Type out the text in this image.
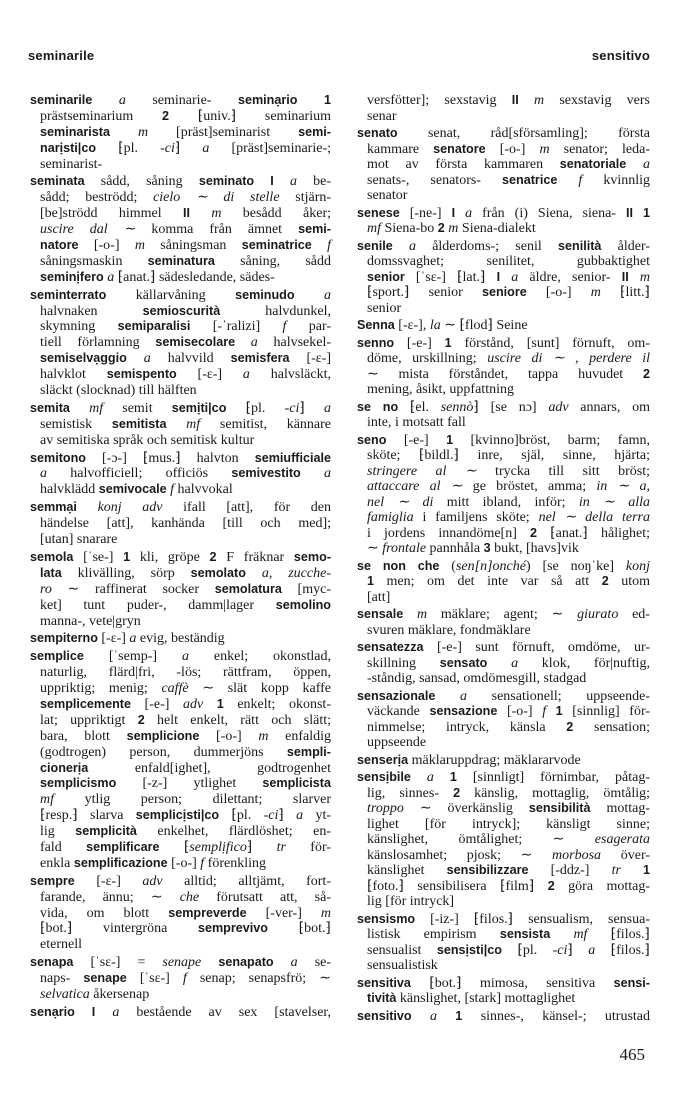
seminarile	sensitivo
seminarile a seminarie- seminạrio 1
prästseminarium 2 ⁅univ.⁆ seminarium
seminarista m [präst]seminarist semi-
narịsti|co ⁅pl. -ci⁆ a [präst]seminarie-;
seminarist-
seminata sådd, såning seminato I a be-
sådd; beströdd; cielo ∼ di stelle stjärn-
[be]strödd himmel II m besådd åker;
uscire dal ∼ komma från ämnet semi-
natore [-o-] m såningsman seminatrice f
såningsmaskin seminatura såning, sådd
seminịfero a ⁅anat.⁆ sädesledande, sädes-
seminterrato källarvåning seminudo a
halvnaken semioscurità halvdunkel,
skymning semiparalisi [-ˈralizi] f par-
tiell förlamning semisecolare a halvsekel-
semiselvạggio a halvvild semisfera [-ɛ-]
halvklot semispento [-ɛ-] a halvsläckt,
släckt (slocknad) till hälften
semita mf semit semịti|co ⁅pl. -ci⁆ a
semistisk semitista mf semitist, kännare
av semitiska språk och semitisk kultur
semitono [-ɔ-] ⁅mus.⁆ halvton semiufficiale
a halvofficiell; officiös semivestito a
halvklädd semivocale f halvvokal
semmại konj adv ifall [att], för den
händelse [att], kanhända [till och med];
[utan] snarare
semola [ˈse-] 1 kli, gröpe 2 F fräknar semo-
lata klivälling, sörp semolato a, zucche-
ro ∼ raffinerat socker semolatura [myc-
ket] tunt puder-, damm|lager semolino
manna-, vete|gryn
sempiterno [-ɛ-] a evig, beständig
semplice [ˈsemp-] a enkel; okonstlad,
naturlig, flärd|fri, -lös; rättfram, öppen,
uppriktig; menig; caffè ∼ slät kopp kaffe
semplicemente [-e-] adv 1 enkelt; okonst-
lat; uppriktigt 2 helt enkelt, rätt och slätt;
bara, blott semplicione [-o-] m enfaldig
(godtrogen) person, dummerjöns sempli-
cionerịa enfald[ighet], godtrogenhet
semplicismo [-z-] ytlighet semplicista
mf ytlig person; dilettant; slarver
⁅resp.⁆ slarva semplicịsti|co ⁅pl. -ci⁆ a yt-
lig semplicità enkelhet, flärdlöshet; en-
fald semplificare ⁅semplịfico⁆ tr för-
enkla semplificazione [-o-] f förenkling
sempre [-ɛ-] adv alltid; alltjämt, fort-
farande, ännu; ∼ che förutsatt att, så-
vida, om blott sempreverde [-ver-] m
⁅bot.⁆ vintergröna semprevivo ⁅bot.⁆
eternell
senapa [ˈsɛ-] = senape senapato a se-
naps- senape [ˈsɛ-] f senap; senapsfrö; ∼
selvatica åkersenap
senạrio I a bestående av sex [stavelser,
versfötter]; sexstavig II m sexstavig vers
senar
senato senat, råd[sförsamling]; första
kammare senatore [-o-] m senator; leda-
mot av första kammaren senatoriale a
senats-, senators- senatrice f kvinnlig
senator
senese [-ne-] I a från (i) Siena, siena- II 1
mf Siena-bo 2 m Siena-dialekt
senile a ålderdoms-; senil senilità ålder-
domssvaghet; senilitet, gubbaktighet
senior [ˈsɛ-] ⁅lat.⁆ I a äldre, senior- II m
⁅sport.⁆ senior seniore [-o-] m ⁅litt.⁆
senior
Senna [-ɛ-], la ∼ ⁅flod⁆ Seine
senno [-e-] 1 förstånd, [sunt] förnuft, om-
döme, urskillning; uscire di ∼ , perdere il
∼ mista förståndet, tappa huvudet 2
mening, åsikt, uppfattning
se no ⁅el. sennò⁆ [se nɔ] adv annars, om
inte, i motsatt fall
seno [-e-] 1 [kvinno]bröst, barm; famn,
sköte; ⁅bildl.⁆ inre, själ, sinne, hjärta;
stringere al ∼ trycka till sitt bröst;
attaccare al ∼ ge bröstet, amma; in ∼ a,
nel ∼ di mitt ibland, inför; in ∼ alla
famiglia i familjens sköte; nel ∼ della terra
i jordens innandöme[n] 2 ⁅anat.⁆ hålighet;
∼ frontale pannhåla 3 bukt, [havs]vik
se non che (sen[n]onché) [se noŋˈke] konj
1 men; om det inte var så att 2 utom
[att]
sensale m mäklare; agent; ∼ giurato ed-
svuren mäklare, fondmäklare
sensatezza [-e-] sunt förnuft, omdöme, ur-
skillning sensato a klok, för|nuftig,
-ståndig, sansad, omdömesgill, stadgad
sensazionale a sensationell; uppseende-
väckande sensazione [-o-] f 1 [sinnlig] för-
nimmelse; intryck, känsla 2 sensation;
uppseende
senserịa mäklaruppdrag; mäklararvode
sensịbile a 1 [sinnligt] förnimbar, påtag-
lig, sinnes- 2 känslig, mottaglig, ömtålig;
troppo ∼ överkänslig sensibilità mottag-
lighet [för intryck]; känsligt sinne;
känslighet, ömtålighet; ∼ esagerata
känslosamhet; pjosk; ∼ morbosa över-
känslighet sensibilizzare [-ddz-] tr 1
⁅foto.⁆ sensibilisera ⁅film⁆ 2 göra mottag-
lig [för intryck]
sensismo [-iz-] ⁅filos.⁆ sensualism, sensua-
listisk empirism sensista mf ⁅filos.⁆
sensualist sensịsti|co ⁅pl. -ci⁆ a ⁅filos.⁆
sensualistisk
sensitiva ⁅bot.⁆ mimosa, sensitiva sensi-
tività känslighet, [stark] mottaglighet
sensitivo a 1 sinnes-, känsel-; utrustad
465
